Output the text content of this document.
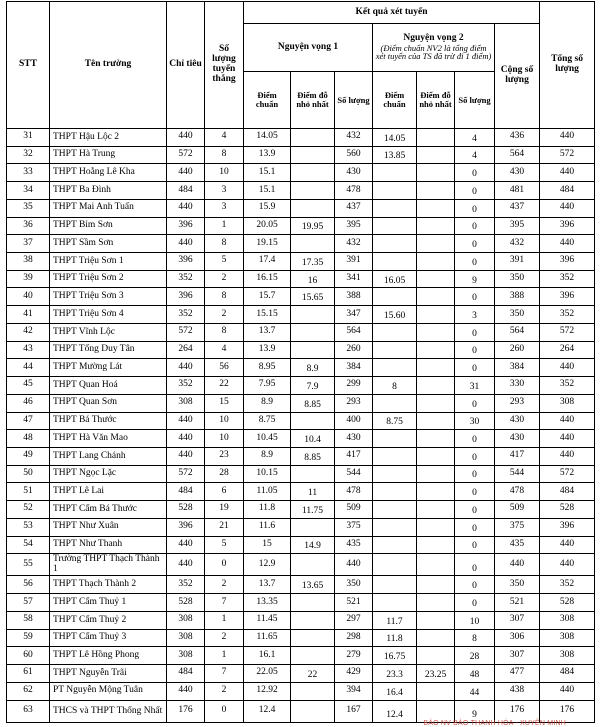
STT	Tên trường	Chỉ tiêu	Số lượng tuyển thẳng	Kết quả xét tuyển							Tổng số lượng
				Nguyện vọng 1			Nguyện vọng 2
(Điểm chuẩn NV2 là tổng điểm xét tuyển của TS đã trừ đi 1 điểm)			Cộng số lượng	
				Điểm chuẩn	Điểm đỗ nhỏ nhất	Số lượng	Điểm chuẩn	Điểm đỗ nhỏ nhất	Số lượng		
31	THPT Hậu Lộc 2	440	4	14.05		432	14.05		4	436	440
32	THPT Hà Trung	572	8	13.9		560	13.85		4	564	572
33	THPT Hoằng Lê Kha	440	10	15.1		430			0	430	440
34	THPT Ba Đình	484	3	15.1		478			0	481	484
35	THPT Mai Anh Tuấn	440	3	15.9		437			0	437	440
36	THPT Bỉm Sơn	396	1	20.05	19.95	395			0	395	396
37	THPT Sầm Sơn	440	8	19.15		432			0	432	440
38	THPT Triệu Sơn 1	396	5	17.4	17.35	391			0	391	396
39	THPT Triệu Sơn 2	352	2	16.15	16	341	16.05		9	350	352
40	THPT Triệu Sơn 3	396	8	15.7	15.65	388			0	388	396
41	THPT Triệu Sơn 4	352	2	15.15		347	15.60		3	350	352
42	THPT Vĩnh Lộc	572	8	13.7		564			0	564	572
43	THPT Tống Duy Tân	264	4	13.9		260			0	260	264
44	THPT Mường Lát	440	56	8.95	8.9	384			0	384	440
45	THPT Quan Hoá	352	22	7.95	7.9	299	8		31	330	352
46	THPT Quan Sơn	308	15	8.9	8.85	293			0	293	308
47	THPT Bá Thước	440	10	8.75		400	8.75		30	430	440
48	THPT Hà Văn Mao	440	10	10.45	10.4	430			0	430	440
49	THPT Lang Chánh	440	23	8.9	8.85	417			0	417	440
50	THPT Ngọc Lặc	572	28	10.15		544			0	544	572
51	THPT Lê Lai	484	6	11.05	11	478			0	478	484
52	THPT Cẩm Bá Thước	528	19	11.8	11.75	509			0	509	528
53	THPT Như Xuân	396	21	11.6		375			0	375	396
54	THPT Như Thanh	440	5	15	14.9	435			0	435	440
55	Trường THPT Thạch Thành 1	440	0	12.9		440			0	440	440
56	THPT Thạch Thành 2	352	2	13.7	13.65	350			0	350	352
57	THPT Cẩm Thuỷ 1	528	7	13.35		521			0	521	528
58	THPT Cẩm Thuỷ 2	308	1	11.45		297	11.7		10	307	308
59	THPT Cẩm Thuỷ 3	308	2	11.65		298	11.8		8	306	308
60	THPT Lê Hồng Phong	308	1	16.1		279	16.75		28	307	308
61	THPT Nguyễn Trãi	484	7	22.05	22	429	23.3	23.25	48	477	484
62	PT Nguyễn Mộng Tuân	440	2	12.92		394	16.4		44	438	440
63	THCS và THPT Thống Nhất	176	0	12.4		167	12.4		9	176	176
BÁO NV BÁO THANH HÓA - XUYÊN MINH
